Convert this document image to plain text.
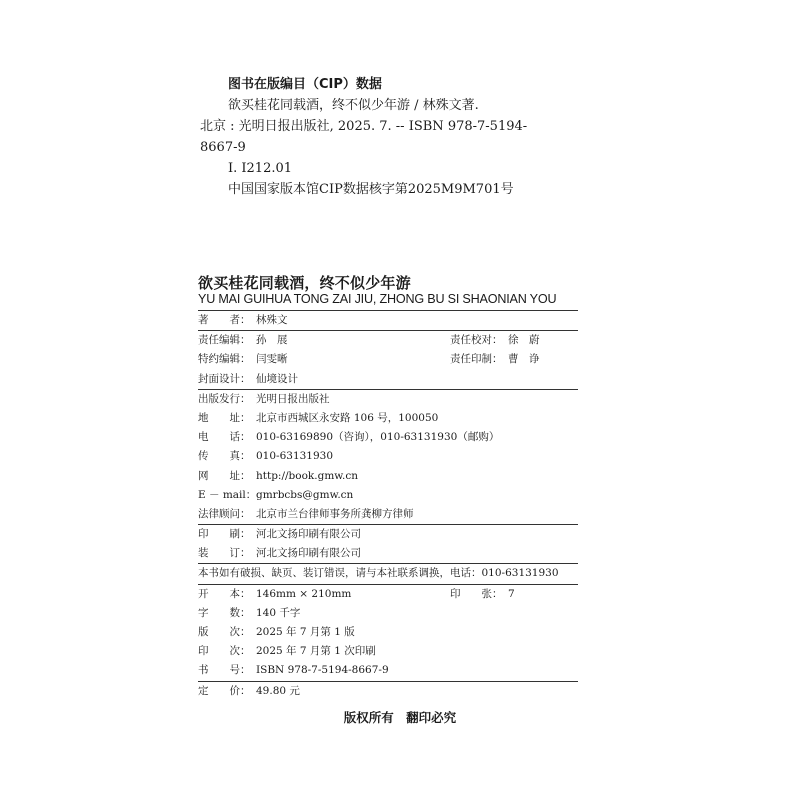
图书在版编目（CIP）数据
欲买桂花同载酒，终不似少年游 / 林殊文著.
北京 : 光明日报出版社, 2025. 7. -- ISBN 978-7-5194-
8667-9
Ⅰ. I212.01
中国国家版本馆CIP数据核字第2025M9M701号
欲买桂花同载酒，终不似少年游
YU MAI GUIHUA TONG ZAI JIU, ZHONG BU SI SHAONIAN YOU
著　　者： 林殊文
责任编辑： 孙　展	责任校对： 徐　蔚
特约编辑： 闫雯晰	责任印制： 曹　诤
封面设计： 仙境设计
出版发行： 光明日报出版社
地　　址： 北京市西城区永安路 106 号，100050
电　　话： 010-63169890（咨询），010-63131930（邮购）
传　　真： 010-63131930
网　　址： http://book.gmw.cn
E － mail： gmrbcbs@gmw.cn
法律顾问： 北京市兰台律师事务所龚柳方律师
印　　刷： 河北文扬印刷有限公司
装　　订： 河北文扬印刷有限公司
本书如有破损、缺页、装订错误，请与本社联系调换，电话：010-63131930
开　　本： 146mm × 210mm	印　　张： 7
字　　数： 140 千字
版　　次： 2025 年 7 月第 1 版
印　　次： 2025 年 7 月第 1 次印刷
书　　号： ISBN 978-7-5194-8667-9
定　　价： 49.80 元
版权所有 翻印必究
